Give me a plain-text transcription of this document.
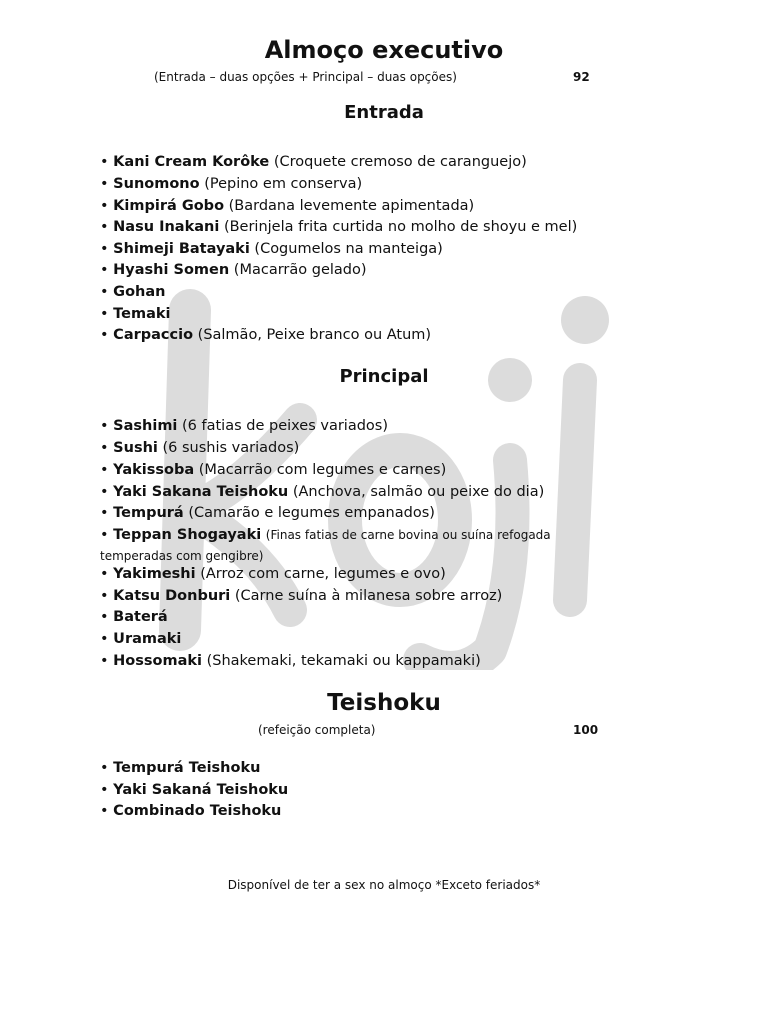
Almoço executivo
(Entrada – duas opções + Principal – duas opções)	92
Entrada
• Kani Cream Korôke (Croquete cremoso de caranguejo)
• Sunomono (Pepino em conserva)
• Kimpirá Gobo (Bardana levemente apimentada)
• Nasu Inakani (Berinjela frita curtida no molho de shoyu e mel)
• Shimeji Batayaki (Cogumelos na manteiga)
• Hyashi Somen (Macarrão gelado)
• Gohan
• Temaki
• Carpaccio (Salmão, Peixe branco ou Atum)
Principal
• Sashimi (6 fatias de peixes variados)
• Sushi (6 sushis variados)
• Yakissoba (Macarrão com legumes e carnes)
• Yaki Sakana Teishoku (Anchova, salmão ou peixe do dia)
• Tempurá (Camarão e legumes empanados)
• Teppan Shogayaki (Finas fatias de carne bovina ou suína refogada
temperadas com gengibre)
• Yakimeshi (Arroz com carne, legumes e ovo)
• Katsu Donburi (Carne suína à milanesa sobre arroz)
• Baterá
• Uramaki
• Hossomaki (Shakemaki, tekamaki ou kappamaki)
Teishoku
(refeição completa)	100
• Tempurá Teishoku
• Yaki Sakaná Teishoku
• Combinado Teishoku
Disponível de ter a sex no almoço *Exceto feriados*
